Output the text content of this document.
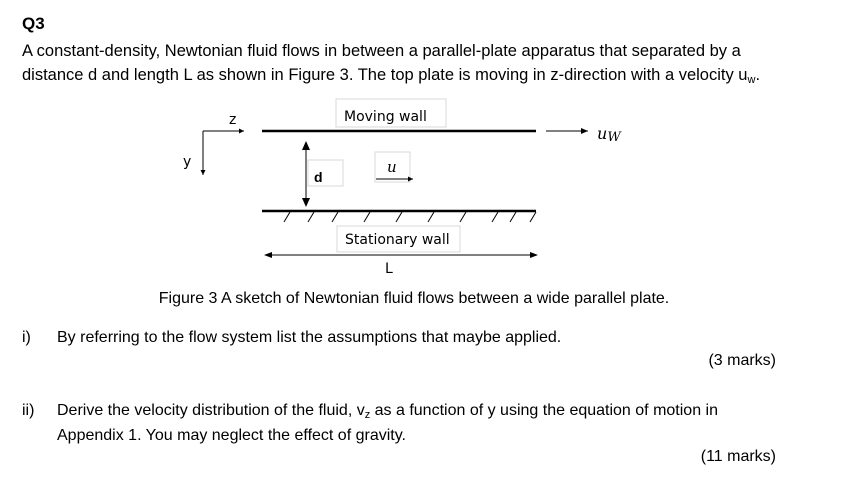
Q3
A constant-density, Newtonian fluid flows in between a parallel-plate apparatus that separated by a
distance d and length L as shown in Figure 3. The top plate is moving in z-direction with a velocity uw.
z
y
Moving wall
uW
d
u
Stationary wall
L
Figure 3 A sketch of Newtonian fluid flows between a wide parallel plate.
i) By referring to the flow system list the assumptions that maybe applied.
(3 marks)
ii) Derive the velocity distribution of the fluid, vz as a function of y using the equation of motion in
Appendix 1. You may neglect the effect of gravity.
(11 marks)
